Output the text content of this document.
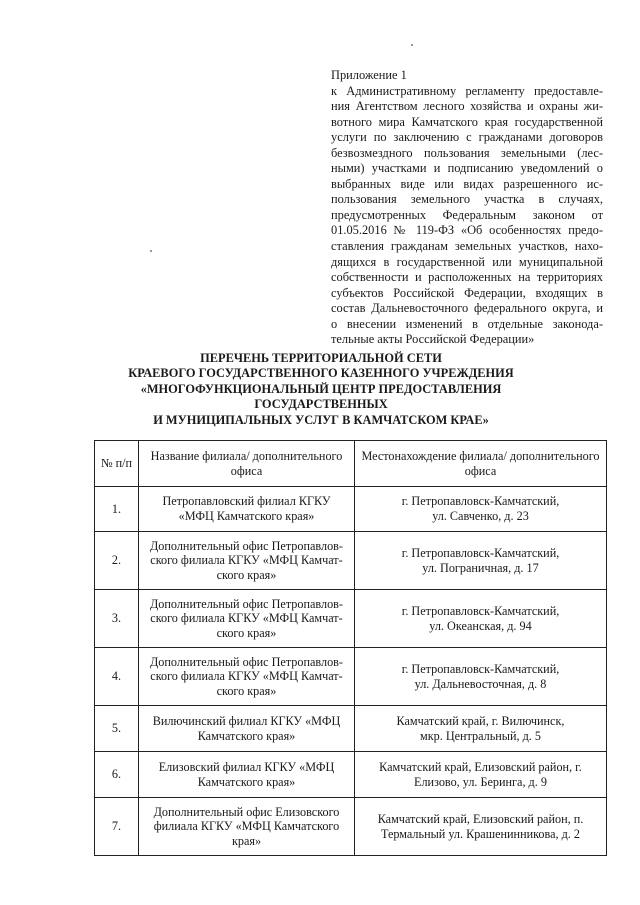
Приложение 1
к Административному регламенту предоставле-
ния Агентством лесного хозяйства и охраны жи-
вотного мира Камчатского края государственной
услуги по заключению с гражданами договоров
безвозмездного пользования земельными (лес-
ными) участками и подписанию уведомлений о
выбранных виде или видах разрешенного ис-
пользования земельного участка в случаях,
предусмотренных Федеральным законом от
01.05.2016 № 119-ФЗ «Об особенностях предо-
ставления гражданам земельных участков, нахо-
дящихся в государственной или муниципальной
собственности и расположенных на территориях
субъектов Российской Федерации, входящих в
состав Дальневосточного федерального округа, и
о внесении изменений в отдельные законода-
тельные акты Российской Федерации»
ПЕРЕЧЕНЬ ТЕРРИТОРИАЛЬНОЙ СЕТИ
КРАЕВОГО ГОСУДАРСТВЕННОГО КАЗЕННОГО УЧРЕЖДЕНИЯ
«МНОГОФУНКЦИОНАЛЬНЫЙ ЦЕНТР ПРЕДОСТАВЛЕНИЯ
ГОСУДАРСТВЕННЫХ
И МУНИЦИПАЛЬНЫХ УСЛУГ В КАМЧАТСКОМ КРАЕ»
№ п/п	Название филиала/ дополнительного офиса	Местонахождение филиала/ дополнительного офиса
1.	Петропавловский филиал КГКУ
«МФЦ Камчатского края»	г. Петропавловск-Камчатский,
ул. Савченко, д. 23

2.	Дополнительный офис Петропавлов-
ского филиала КГКУ «МФЦ Камчат-
ского края»	г. Петропавловск-Камчатский,
ул. Пограничная, д. 17

3.	Дополнительный офис Петропавлов-
ского филиала КГКУ «МФЦ Камчат-
ского края»	г. Петропавловск-Камчатский,
ул. Океанская, д. 94

4.	Дополнительный офис Петропавлов-
ского филиала КГКУ «МФЦ Камчат-
ского края»	г. Петропавловск-Камчатский,
ул. Дальневосточная, д. 8

5.	Вилючинский филиал КГКУ «МФЦ
Камчатского края»	Камчатский край, г. Вилючинск,
мкр. Центральный, д. 5

6.	Елизовский филиал КГКУ «МФЦ
Камчатского края»	Камчатский край, Елизовский район, г.
Елизово, ул. Беринга, д. 9

7.	Дополнительный офис Елизовского
филиала КГКУ «МФЦ Камчатского
края»	Камчатский край, Елизовский район, п.
Термальный ул. Крашенинникова, д. 2
